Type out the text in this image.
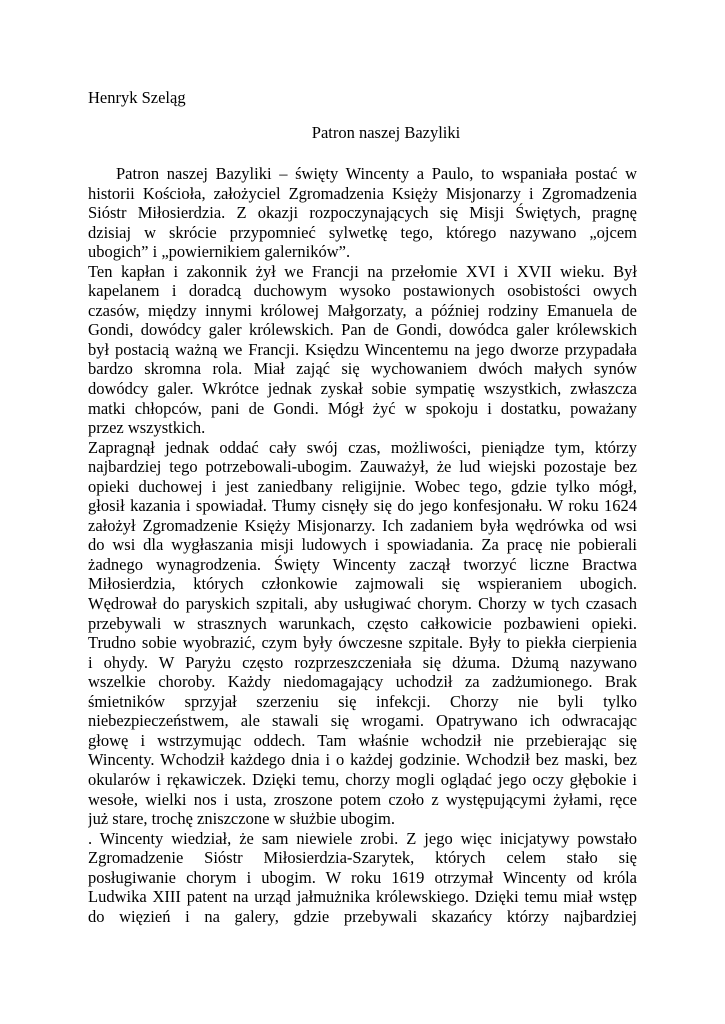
Henryk Szeląg
Patron naszej Bazyliki
Patron naszej Bazyliki – święty Wincenty a Paulo, to wspaniała postać w
historii Kościoła, założyciel Zgromadzenia Księży Misjonarzy i Zgromadzenia
Sióstr Miłosierdzia. Z okazji rozpoczynających się Misji Świętych, pragnę
dzisiaj w skrócie przypomnieć sylwetkę tego, którego nazywano „ojcem
ubogich” i „powiernikiem galerników”.
Ten kapłan i zakonnik żył we Francji na przełomie XVI i XVII wieku. Był
kapelanem i doradcą duchowym wysoko postawionych osobistości owych
czasów, między innymi królowej Małgorzaty, a później rodziny Emanuela de
Gondi, dowódcy galer królewskich. Pan de Gondi, dowódca galer królewskich
był postacią ważną we Francji. Księdzu Wincentemu na jego dworze przypadała
bardzo skromna rola. Miał zająć się wychowaniem dwóch małych synów
dowódcy galer. Wkrótce jednak zyskał sobie sympatię wszystkich, zwłaszcza
matki chłopców, pani de Gondi. Mógł żyć w spokoju i dostatku, poważany
przez wszystkich.
Zapragnął jednak oddać cały swój czas, możliwości, pieniądze tym, którzy
najbardziej tego potrzebowali-ubogim. Zauważył, że lud wiejski pozostaje bez
opieki duchowej i jest zaniedbany religijnie. Wobec tego, gdzie tylko mógł,
głosił kazania i spowiadał. Tłumy cisnęły się do jego konfesjonału. W roku 1624
założył Zgromadzenie Księży Misjonarzy. Ich zadaniem była wędrówka od wsi
do wsi dla wygłaszania misji ludowych i spowiadania. Za pracę nie pobierali
żadnego wynagrodzenia. Święty Wincenty zaczął tworzyć liczne Bractwa
Miłosierdzia, których członkowie zajmowali się wspieraniem ubogich.
Wędrował do paryskich szpitali, aby usługiwać chorym. Chorzy w tych czasach
przebywali w strasznych warunkach, często całkowicie pozbawieni opieki.
Trudno sobie wyobrazić, czym były ówczesne szpitale. Były to piekła cierpienia
i ohydy. W Paryżu często rozprzeszczeniała się dżuma. Dżumą nazywano
wszelkie choroby. Każdy niedomagający uchodził za zadżumionego. Brak
śmietników sprzyjał szerzeniu się infekcji. Chorzy nie byli tylko
niebezpieczeństwem, ale stawali się wrogami. Opatrywano ich odwracając
głowę i wstrzymując oddech. Tam właśnie wchodził nie przebierając się
Wincenty. Wchodził każdego dnia i o każdej godzinie. Wchodził bez maski, bez
okularów i rękawiczek. Dzięki temu, chorzy mogli oglądać jego oczy głębokie i
wesołe, wielki nos i usta, zroszone potem czoło z występującymi żyłami, ręce
już stare, trochę zniszczone w służbie ubogim.
. Wincenty wiedział, że sam niewiele zrobi. Z jego więc inicjatywy powstało
Zgromadzenie Sióstr Miłosierdzia-Szarytek, których celem stało się
posługiwanie chorym i ubogim. W roku 1619 otrzymał Wincenty od króla
Ludwika XIII patent na urząd jałmużnika królewskiego. Dzięki temu miał wstęp
do więzień i na galery, gdzie przebywali skazańcy którzy najbardziej
